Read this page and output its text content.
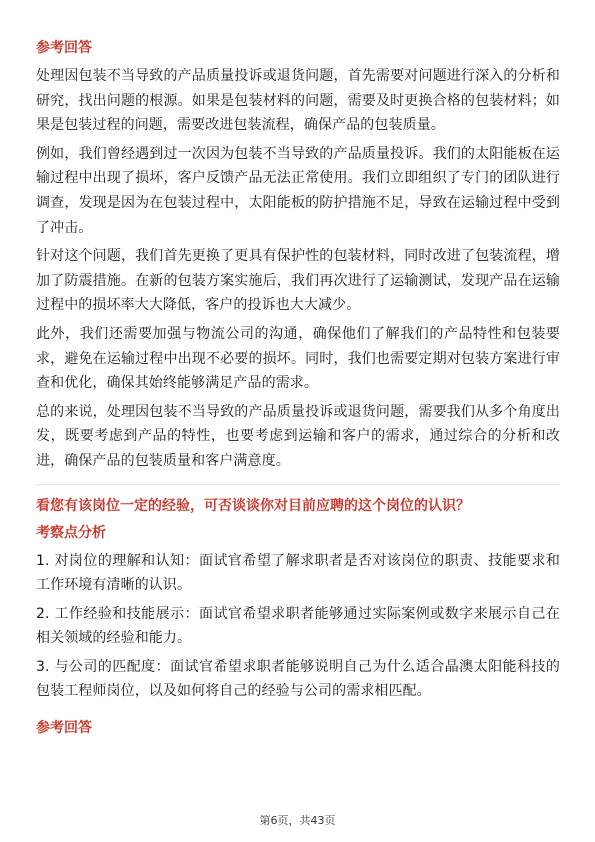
参考回答

处理因包装不当导致的产品质量投诉或退货问题，首先需要对问题进行深入的分析和研究，找出问题的根源。如果是包装材料的问题，需要及时更换合格的包装材料；如果是包装过程的问题，需要改进包装流程，确保产品的包装质量。

例如，我们曾经遇到过一次因为包装不当导致的产品质量投诉。我们的太阳能板在运输过程中出现了损坏，客户反馈产品无法正常使用。我们立即组织了专门的团队进行调查，发现是因为在包装过程中，太阳能板的防护措施不足，导致在运输过程中受到了冲击。

针对这个问题，我们首先更换了更具有保护性的包装材料，同时改进了包装流程，增加了防震措施。在新的包装方案实施后，我们再次进行了运输测试，发现产品在运输过程中的损坏率大大降低，客户的投诉也大大减少。

此外，我们还需要加强与物流公司的沟通，确保他们了解我们的产品特性和包装要求，避免在运输过程中出现不必要的损坏。同时，我们也需要定期对包装方案进行审查和优化，确保其始终能够满足产品的需求。

总的来说，处理因包装不当导致的产品质量投诉或退货问题，需要我们从多个角度出发，既要考虑到产品的特性，也要考虑到运输和客户的需求，通过综合的分析和改进，确保产品的包装质量和客户满意度。

看您有该岗位一定的经验，可否谈谈你对目前应聘的这个岗位的认识？
考察点分析

1. 对岗位的理解和认知：面试官希望了解求职者是否对该岗位的职责、技能要求和工作环境有清晰的认识。

2. 工作经验和技能展示：面试官希望求职者能够通过实际案例或数字来展示自己在相关领域的经验和能力。

3. 与公司的匹配度：面试官希望求职者能够说明自己为什么适合晶澳太阳能科技的包装工程师岗位，以及如何将自己的经验与公司的需求相匹配。

参考回答
第6页，共43页
